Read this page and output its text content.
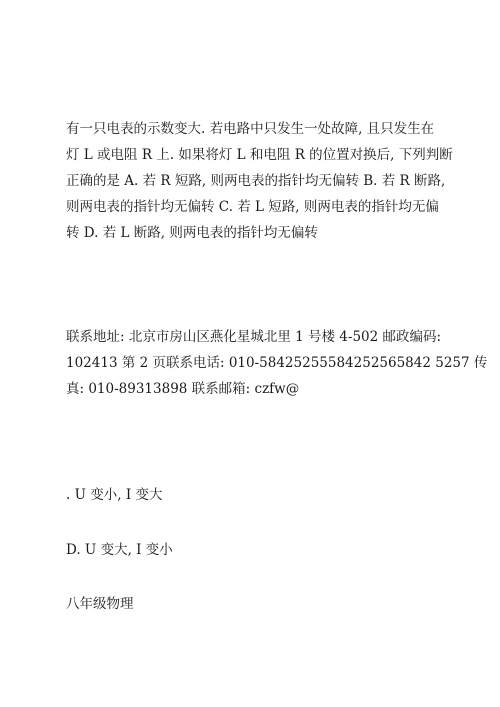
有一只电表的示数变大. 若电路中只发生一处故障, 且只发生在
灯 L 或电阻 R 上. 如果将灯 L 和电阻 R 的位置对换后, 下列判断
正确的是 A. 若 R 短路, 则两电表的指针均无偏转 B. 若 R 断路,
则两电表的指针均无偏转 C. 若 L 短路, 则两电表的指针均无偏
转 D. 若 L 断路, 则两电表的指针均无偏转
联系地址: 北京市房山区燕化星城北里 1 号楼 4-502 邮政编码:
102413 第 2 页联系电话: 010-58425255584252565842 5257 传
真: 010-89313898 联系邮箱: czfw@
. U 变小, I 变大
D. U 变大, I 变小
八年级物理
